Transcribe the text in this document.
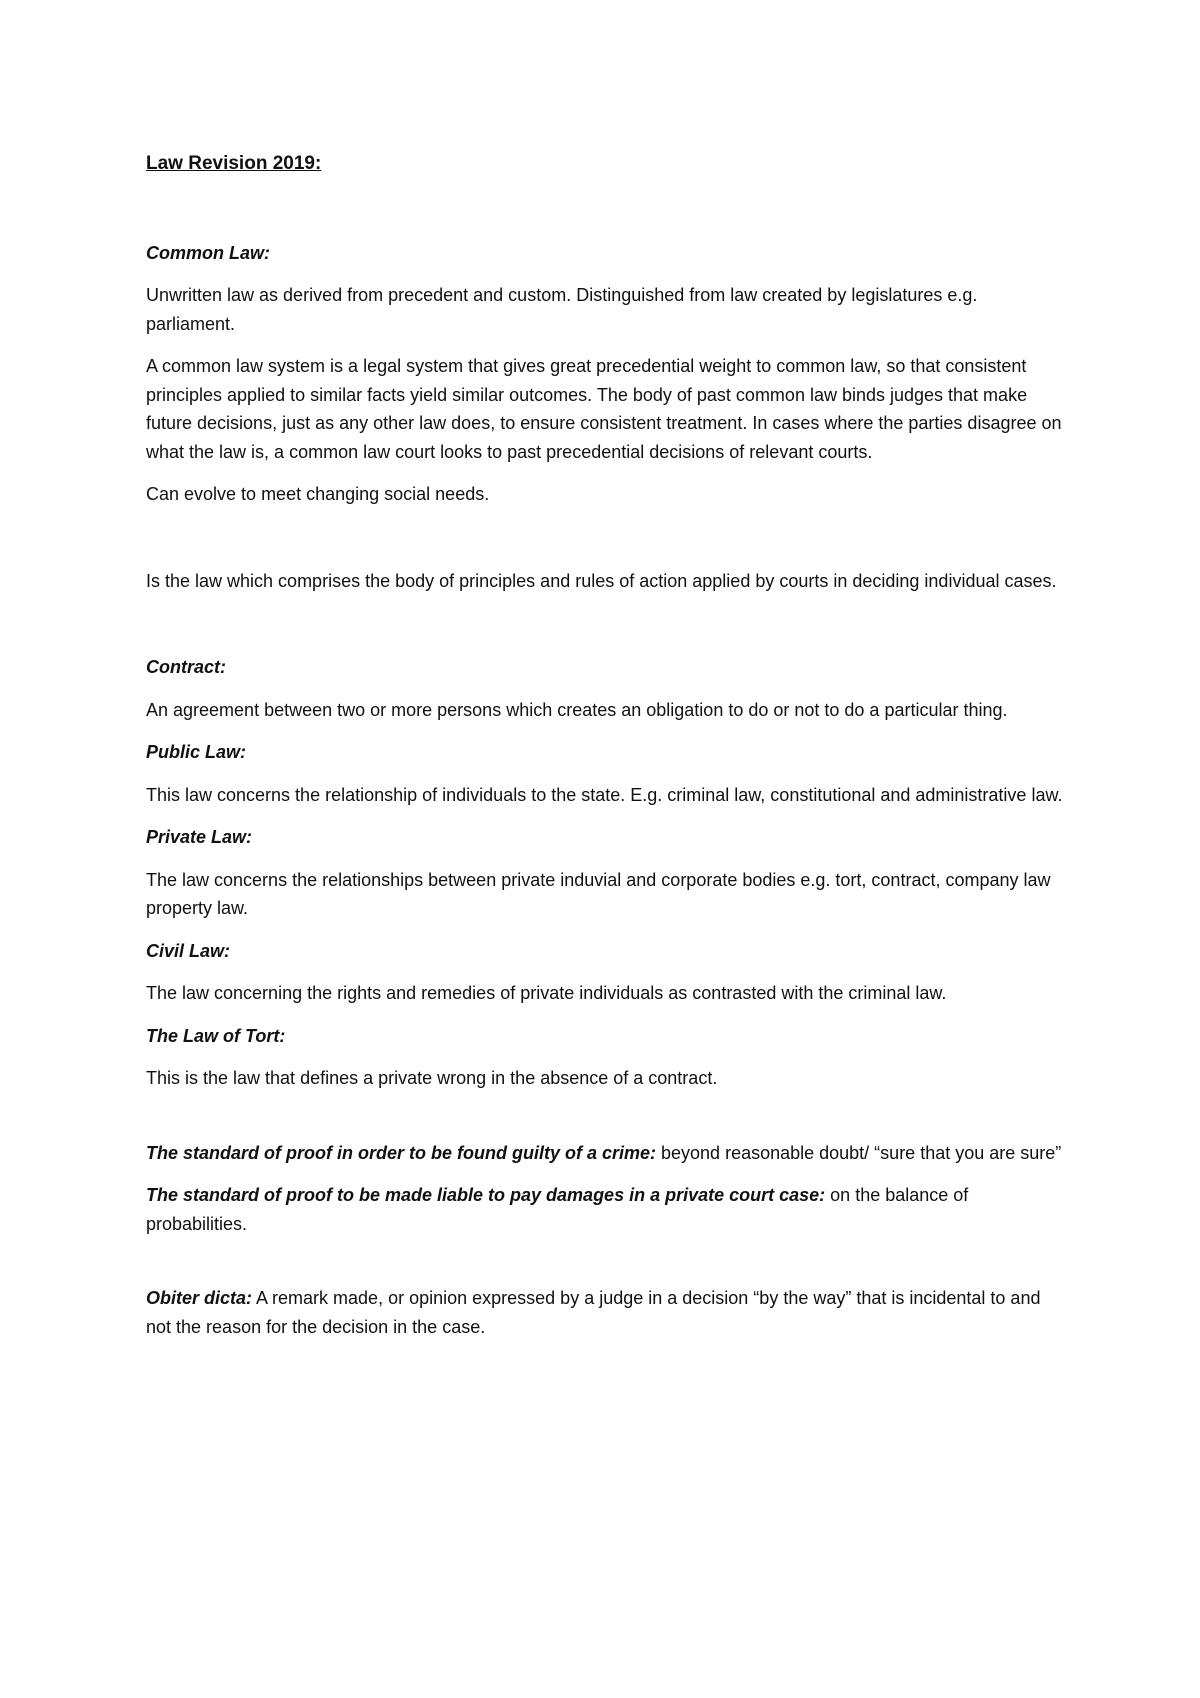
Law Revision 2019:
Common Law:

Unwritten law as derived from precedent and custom. Distinguished from law created by legislatures e.g. parliament.

A common law system is a legal system that gives great precedential weight to common law, so that consistent principles applied to similar facts yield similar outcomes. The body of past common law binds judges that make future decisions, just as any other law does, to ensure consistent treatment. In cases where the parties disagree on what the law is, a common law court looks to past precedential decisions of relevant courts.

Can evolve to meet changing social needs.

Is the law which comprises the body of principles and rules of action applied by courts in deciding individual cases.

Contract:

An agreement between two or more persons which creates an obligation to do or not to do a particular thing.

Public Law:

This law concerns the relationship of individuals to the state. E.g. criminal law, constitutional and administrative law.

Private Law:

The law concerns the relationships between private induvial and corporate bodies e.g. tort, contract, company law property law.

Civil Law:

The law concerning the rights and remedies of private individuals as contrasted with the criminal law.

The Law of Tort:

This is the law that defines a private wrong in the absence of a contract.

The standard of proof in order to be found guilty of a crime: beyond reasonable doubt/ “sure that you are sure”

The standard of proof to be made liable to pay damages in a private court case: on the balance of probabilities.

Obiter dicta: A remark made, or opinion expressed by a judge in a decision “by the way” that is incidental to and not the reason for the decision in the case.
